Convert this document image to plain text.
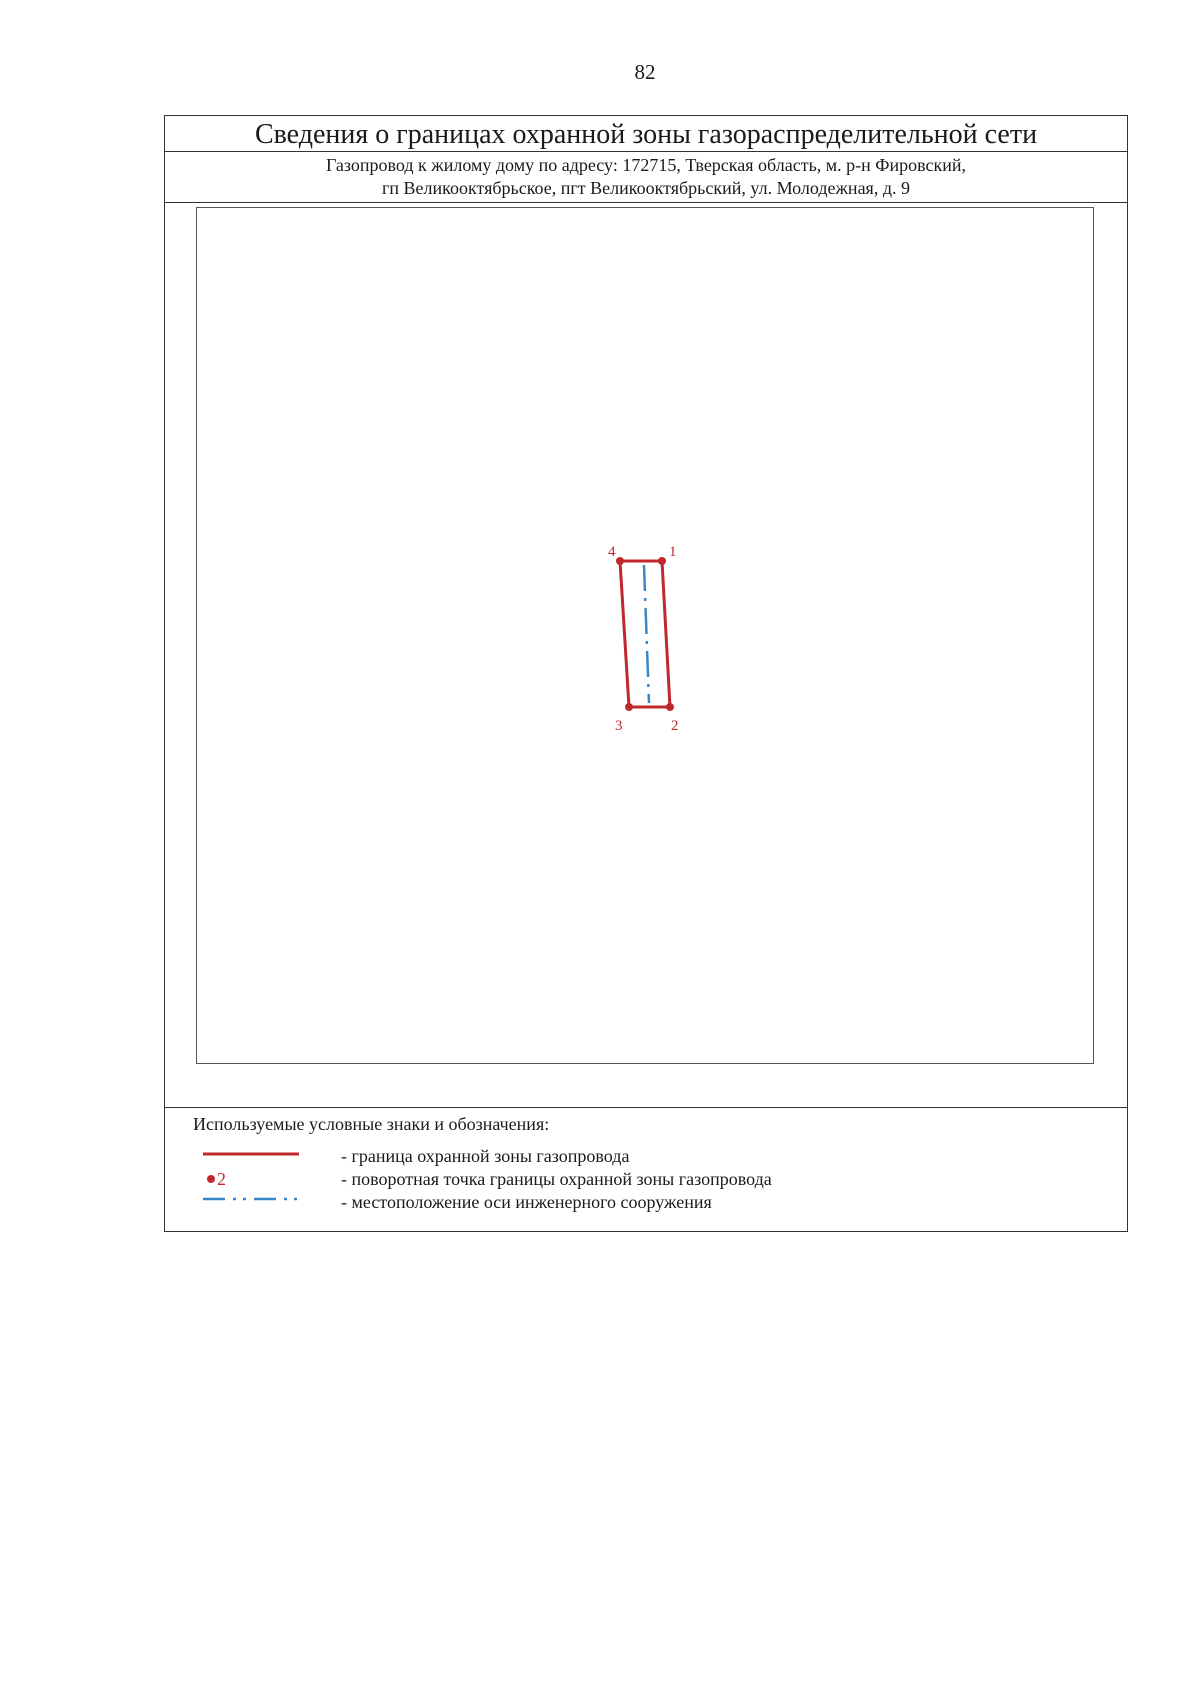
82
Сведения о границах охранной зоны газораспределительной сети
Газопровод к жилому дому по адресу: 172715, Тверская область, м. р-н Фировский,
гп Великооктябрьское, пгт Великооктябрьский, ул. Молодежная, д. 9
1
2
3
4
Используемые условные знаки и обозначения:
- граница охранной зоны газопровода
2	- поворотная точка границы охранной зоны газопровода
- местоположение оси инженерного сооружения
